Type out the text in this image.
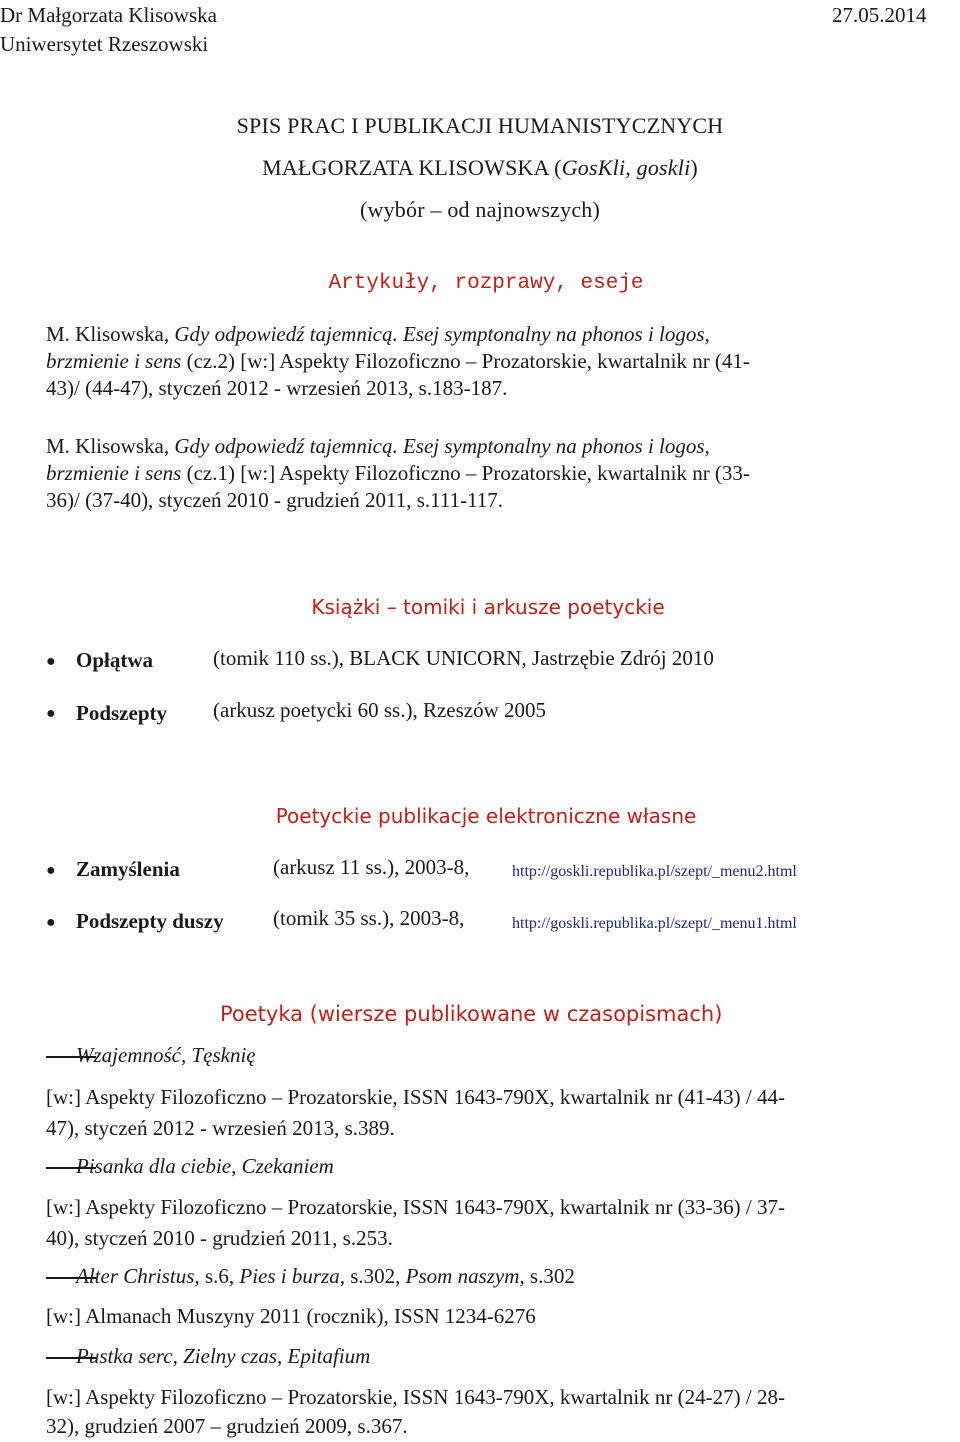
Dr Małgorzata Klisowska	27.05.2014
Uniwersytet Rzeszowski
SPIS PRAC I PUBLIKACJI HUMANISTYCZNYCH
MAŁGORZATA KLISOWSKA (GosKli, goskli)
(wybór – od najnowszych)
Artykuły, rozprawy, eseje
M. Klisowska, Gdy odpowiedź tajemnicą. Esej symptonalny na phonos i logos,
brzmienie i sens (cz.2) [w:] Aspekty Filozoficzno – Prozatorskie, kwartalnik nr (41-
43)/ (44-47), styczeń 2012 - wrzesień 2013, s.183-187.
M. Klisowska, Gdy odpowiedź tajemnicą. Esej symptonalny na phonos i logos,
brzmienie i sens (cz.1) [w:] Aspekty Filozoficzno – Prozatorskie, kwartalnik nr (33-
36)/ (37-40), styczeń 2010 - grudzień 2011, s.111-117.
Książki – tomiki i arkusze poetyckie
● Opłątwa	(tomik 110 ss.), BLACK UNICORN, Jastrzębie Zdrój 2010
● Podszepty (arkusz poetycki 60 ss.), Rzeszów 2005
Poetyckie publikacje elektroniczne własne
● Zamyślenia	(arkusz 11 ss.), 2003-8,	http://goskli.republika.pl/szept/_menu2.html
● Podszepty duszy (tomik 35 ss.), 2003-8,	http://goskli.republika.pl/szept/_menu1.html
Poetyka (wiersze publikowane w czasopismach)
Wzajemność, Tęsknię
[w:] Aspekty Filozoficzno – Prozatorskie, ISSN 1643-790X, kwartalnik nr (41-43) / 44-
47), styczeń 2012 - wrzesień 2013, s.389.
Pisanka dla ciebie, Czekaniem
[w:] Aspekty Filozoficzno – Prozatorskie, ISSN 1643-790X, kwartalnik nr (33-36) / 37-
40), styczeń 2010 - grudzień 2011, s.253.
Alter Christus, s.6, Pies i burza, s.302, Psom naszym, s.302
[w:] Almanach Muszyny 2011 (rocznik), ISSN 1234-6276
Pustka serc, Zielny czas, Epitafium
[w:] Aspekty Filozoficzno – Prozatorskie, ISSN 1643-790X, kwartalnik nr (24-27) / 28-
32), grudzień 2007 – grudzień 2009, s.367.
